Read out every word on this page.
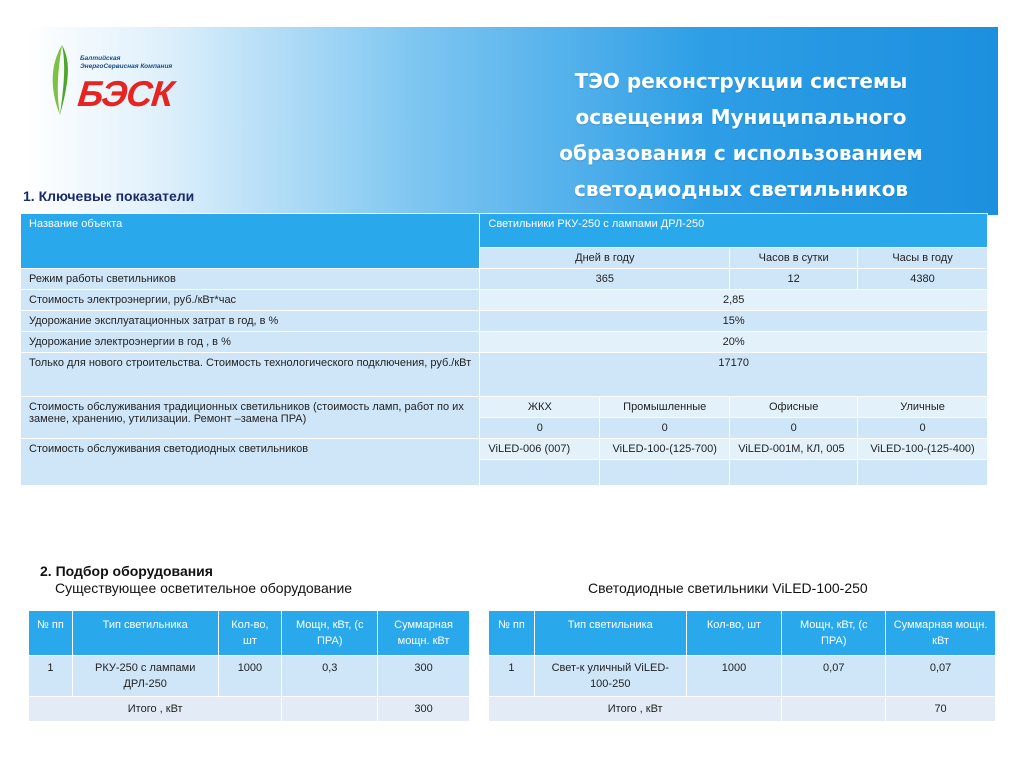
Балтийская
ЭнергоСервисная Компания
БЭСК	ТЭО реконструкции системы освещения Муниципального образования с использованием светодиодных светильников
1. Ключевые показатели
Название объекта	Светильники РКУ-250 с лампами ДРЛ-250			
	Дней в году		Часов в сутки	Часы в году
Режим работы светильников	365		12	4380
Стоимость электроэнергии, руб./кВт*час	2,85			
Удорожание эксплуатационных затрат в год, в %	15%			
Удорожание электроэнергии в год , в %	20%			
Только для нового строительства. Стоимость технологического подключения, руб./кВт	17170			
Стоимость обслуживания традиционных светильников (стоимость ламп, работ по их замене, хранению, утилизации. Ремонт –замена ПРА)	ЖКХ	Промышленные	Офисные	Уличные
	0	0	0	0
Стоимость обслуживания светодиодных светильников	ViLED-006 (007)	ViLED-100-(125-700)	ViLED-001М, КЛ, 005	ViLED-100-(125-400)

2. Подбор оборудования
Существующее осветительное оборудование	Светодиодные светильники ViLED-100-250
№ пп	Тип светильника	Кол-во, шт	Мощн, кВт, (с ПРА)	Суммарная мощн. кВт
1	РКУ-250 с лампами ДРЛ-250	1000	0,3	300
Итого , кВт				300
№ пп	Тип светильника	Кол-во, шт	Мощн, кВт, (с ПРА)	Суммарная мощн. кВт
1	Свет-к уличный ViLED-100-250	1000	0,07	0,07
Итого , кВт				70
